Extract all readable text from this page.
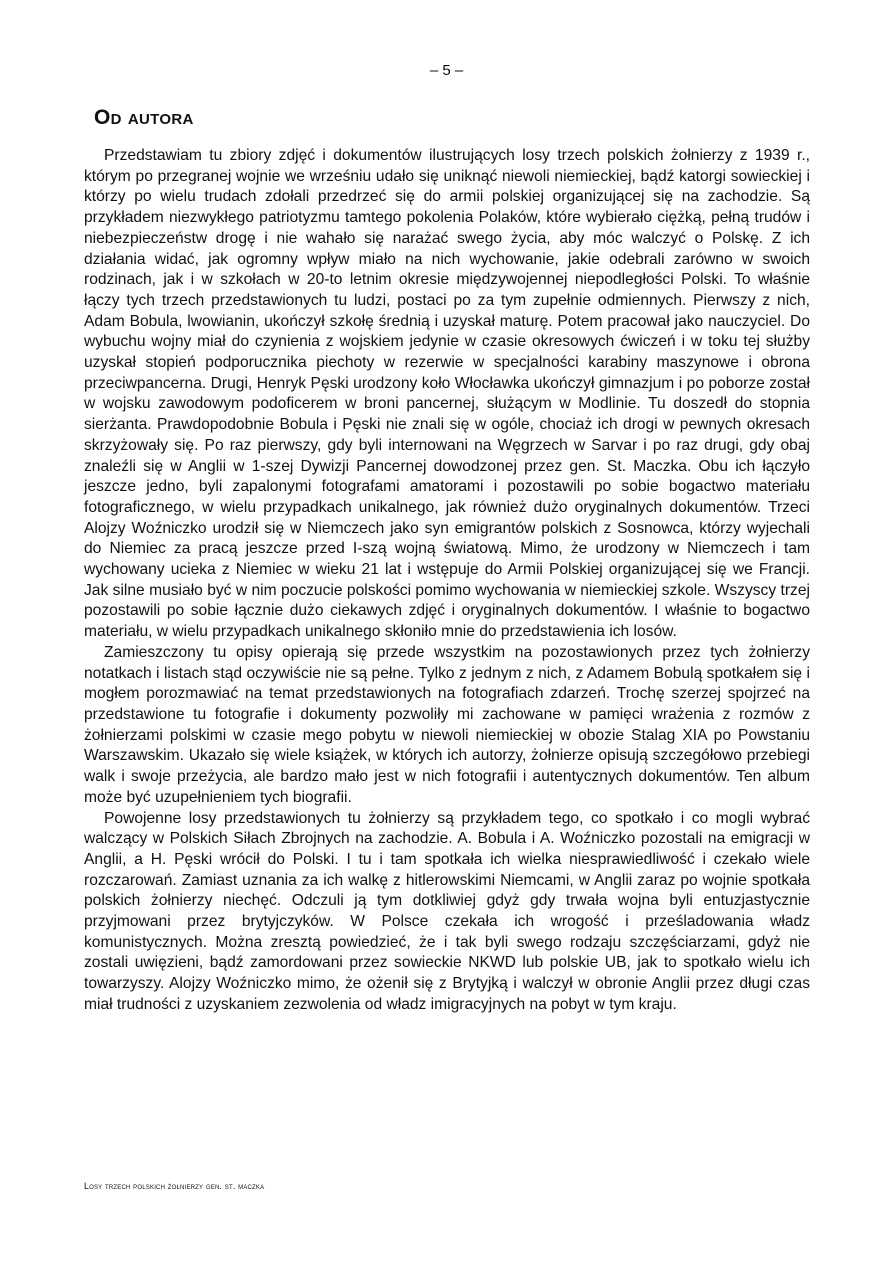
– 5 –
Od autora

Przedstawiam tu zbiory zdjęć i dokumentów ilustrujących losy trzech polskich żołnierzy z 1939 r., którym po przegranej wojnie we wrześniu udało się uniknąć niewoli niemieckiej, bądź katorgi sowieckiej i którzy po wielu trudach zdołali przedrzeć się do armii polskiej organizującej się na zachodzie. Są przykładem niezwykłego patriotyzmu tamtego pokolenia Polaków, które wybierało ciężką, pełną trudów i niebezpieczeństw drogę i nie wahało się narażać swego życia, aby móc walczyć o Polskę. Z ich działania widać, jak ogromny wpływ miało na nich wychowanie, jakie odebrali zarówno w swoich rodzinach, jak i w szkołach w 20-to letnim okresie międzywojennej niepodległości Polski. To właśnie łączy tych trzech przedstawionych tu ludzi, postaci po za tym zupełnie odmiennych. Pierwszy z nich, Adam Bobula, lwowianin, ukończył szkołę średnią i uzyskał maturę. Potem pracował jako nauczyciel. Do wybuchu wojny miał do czynienia z wojskiem jedynie w czasie okresowych ćwiczeń i w toku tej służby uzyskał stopień podporucznika piechoty w rezerwie w specjalności karabiny maszynowe i obrona przeciwpancerna. Drugi, Henryk Pęski urodzony koło Włocławka ukończył gimnazjum i po poborze został w wojsku zawodowym podoficerem w broni pancernej, służącym w Modlinie. Tu doszedł do stopnia sierżanta. Prawdopodobnie Bobula i Pęski nie znali się w ogóle, chociaż ich drogi w pewnych okresach skrzyżowały się. Po raz pierwszy, gdy byli internowani na Węgrzech w Sarvar i po raz drugi, gdy obaj znaleźli się w Anglii w 1-szej Dywizji Pancernej dowodzonej przez gen. St. Maczka. Obu ich łączyło jeszcze jedno, byli zapalonymi fotografami amatorami i pozostawili po sobie bogactwo materiału fotograficznego, w wielu przypadkach unikalnego, jak również dużo oryginalnych dokumentów. Trzeci Alojzy Woźniczko urodził się w Niemczech jako syn emigrantów polskich z Sosnowca, którzy wyjechali do Niemiec za pracą jeszcze przed I-szą wojną światową. Mimo, że urodzony w Niemczech i tam wychowany ucieka z Niemiec w wieku 21 lat i wstępuje do Armii Polskiej organizującej się we Francji. Jak silne musiało być w nim poczucie polskości pomimo wychowania w niemieckiej szkole. Wszyscy trzej pozostawili po sobie łącznie dużo ciekawych zdjęć i oryginalnych dokumentów. I właśnie to bogactwo materiału, w wielu przypadkach unikalnego skłoniło mnie do przedstawienia ich losów.

Zamieszczony tu opisy opierają się przede wszystkim na pozostawionych przez tych żołnierzy notatkach i listach stąd oczywiście nie są pełne. Tylko z jednym z nich, z Adamem Bobulą spotkałem się i mogłem porozmawiać na temat przedstawionych na fotografiach zdarzeń. Trochę szerzej spojrzeć na przedstawione tu fotografie i dokumenty pozwoliły mi zachowane w pamięci wrażenia z rozmów z żołnierzami polskimi w czasie mego pobytu w niewoli niemieckiej w obozie Stalag XIA po Powstaniu Warszawskim. Ukazało się wiele książek, w których ich autorzy, żołnierze opisują szczegółowo przebiegi walk i swoje przeżycia, ale bardzo mało jest w nich fotografii i autentycznych dokumentów. Ten album może być uzupełnieniem tych biografii.

Powojenne losy przedstawionych tu żołnierzy są przykładem tego, co spotkało i co mogli wybrać walczący w Polskich Siłach Zbrojnych na zachodzie. A. Bobula i A. Woźniczko pozostali na emigracji w Anglii, a H. Pęski wrócił do Polski. I tu i tam spotkała ich wielka niesprawiedliwość i czekało wiele rozczarowań. Zamiast uznania za ich walkę z hitlerowskimi Niemcami, w Anglii zaraz po wojnie spotkała polskich żołnierzy niechęć. Odczuli ją tym dotkliwiej gdyż gdy trwała wojna byli entuzjastycznie przyjmowani przez brytyjczyków. W Polsce czekała ich wrogość i prześladowania władz komunistycznych. Można zresztą powiedzieć, że i tak byli swego rodzaju szczęściarzami, gdyż nie zostali uwięzieni, bądź zamordowani przez sowieckie NKWD lub polskie UB, jak to spotkało wielu ich towarzyszy. Alojzy Woźniczko mimo, że ożenił się z Brytyjką i walczył w obronie Anglii przez długi czas miał trudności z uzyskaniem zezwolenia od władz imigracyjnych na pobyt w tym kraju.

Losy trzech polskich żołnierzy gen. st. maczka
